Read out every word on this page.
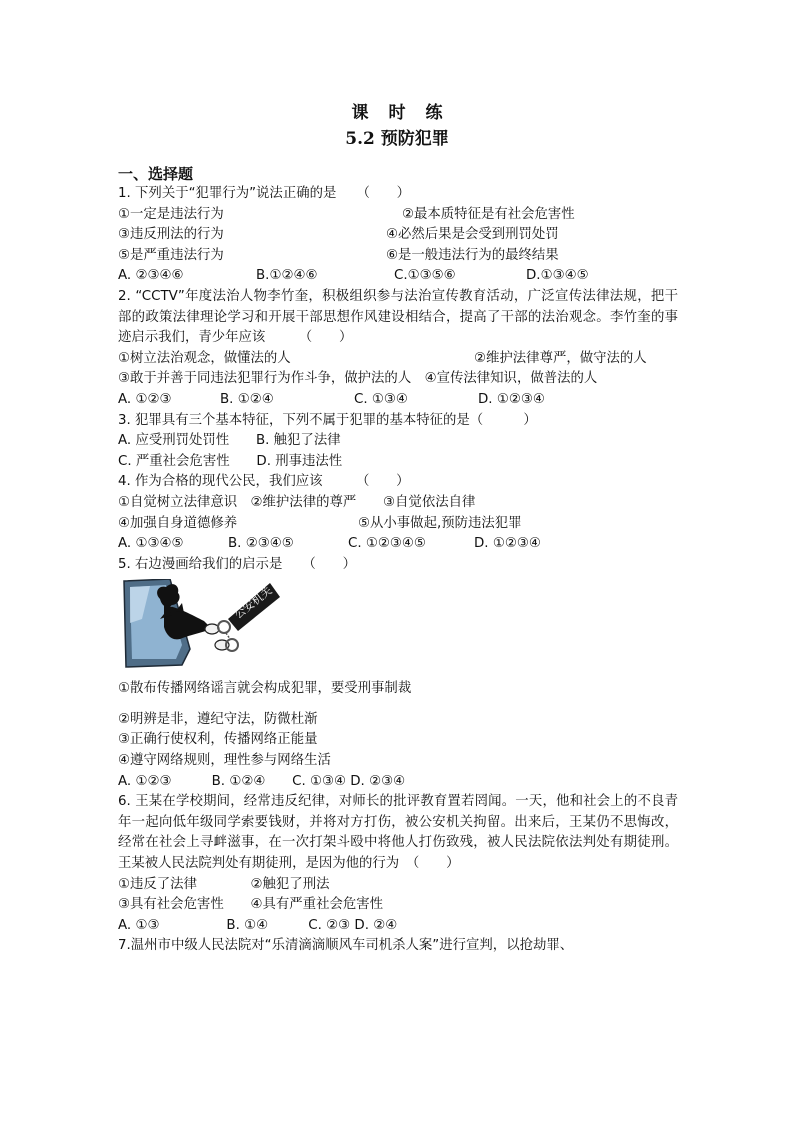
课 时 练
5.2 预防犯罪
一、选择题
1. 下列关于“犯罪行为”说法正确的是　　（　　）
①一定是违法行为	②最本质特征是有社会危害性
③违反刑法的行为	④必然后果是会受到刑罚处罚
⑤是严重违法行为	⑥是一般违法行为的最终结果
A. ②③④⑥	B.①②④⑥	C.①③⑤⑥	D.①③④⑤
2. “CCTV”年度法治人物李竹奎，积极组织参与法治宣传教育活动，广泛宣传法律法规，把干部的政策法律理论学习和开展干部思想作风建设相结合，提高了干部的法治观念。李竹奎的事迹启示我们，青少年应该　　　（　　）
①树立法治观念，做懂法的人	②维护法律尊严，做守法的人
③敢于并善于同违法犯罪行为作斗争，做护法的人　④宣传法律知识，做普法的人
A. ①②③	B. ①②④	C. ①③④	D. ①②③④
3. 犯罪具有三个基本特征，下列不属于犯罪的基本特征的是（　　　）
A. 应受刑罚处罚性　　B. 触犯了法律
C. 严重社会危害性　　D. 刑事违法性
4. 作为合格的现代公民，我们应该　　　（　　）
①自觉树立法律意识　②维护法律的尊严　　③自觉依法自律
④加强自身道德修养	⑤从小事做起,预防违法犯罪
A. ①③④⑤	B. ②③④⑤	C. ①②③④⑤	D. ①②③④
5. 右边漫画给我们的启示是　　（　　）
公安机关
①散布传播网络谣言就会构成犯罪，要受刑事制裁
②明辨是非，遵纪守法，防微杜渐
③正确行使权利，传播网络正能量
④遵守网络规则，理性参与网络生活
A. ①②③　　　B. ①②④　　C. ①③④ D. ②③④
6. 王某在学校期间，经常违反纪律，对师长的批评教育置若罔闻。一天，他和社会上的不良青年一起向低年级同学索要钱财，并将对方打伤，被公安机关拘留。出来后，王某仍不思悔改，经常在社会上寻衅滋事，在一次打架斗殴中将他人打伤致残，被人民法院依法判处有期徒刑。王某被人民法院判处有期徒刑，是因为他的行为　（　　）
①违反了法律　　　　②触犯了刑法
③具有社会危害性　　④具有严重社会危害性
A. ①③　　　　　B. ①④　　　C. ②③ D. ②④
7.温州市中级人民法院对“乐清滴滴顺风车司机杀人案”进行宣判，以抢劫罪、
